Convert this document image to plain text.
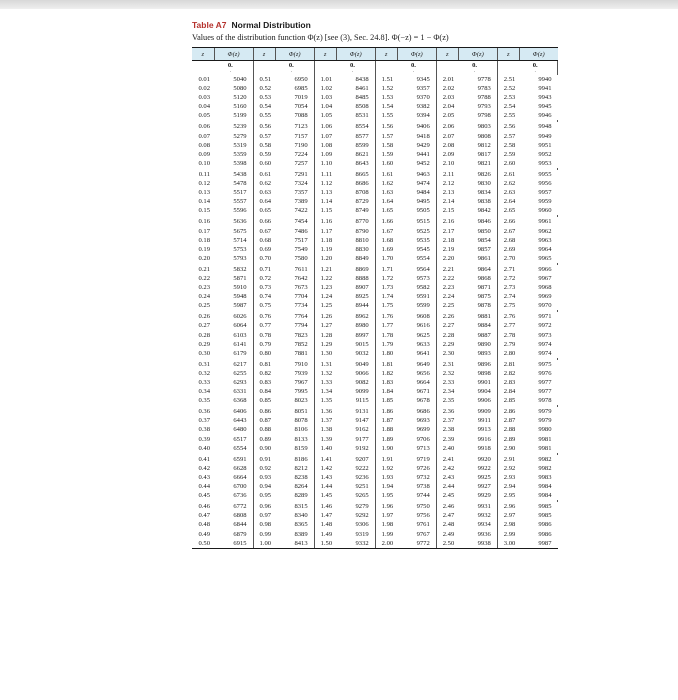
Table A7 Normal Distribution

Values of the distribution function Φ(z) [see (3), Sec. 24.8]. Φ(−z) = 1 − Φ(z)

z	Φ(z)	z	Φ(z)	z	Φ(z)	z	Φ(z)	z	Φ(z)	z	Φ(z)
	0.		0.		0.		0.		0.		0.
	·		·		·		·		·		·
0.01	5040	0.51	6950	1.01	8438	1.51	9345	2.01	9778	2.51	9940
0.02	5080	0.52	6985	1.02	8461	1.52	9357	2.02	9783	2.52	9941
0.03	5120	0.53	7019	1.03	8485	1.53	9370	2.03	9788	2.53	9943
0.04	5160	0.54	7054	1.04	8508	1.54	9382	2.04	9793	2.54	9945
0.05	5199	0.55	7088	1.05	8531	1.55	9394	2.05	9798	2.55	9946

0.06	5239	0.56	7123	1.06	8554	1.56	9406	2.06	9803	2.56	9948
0.07	5279	0.57	7157	1.07	8577	1.57	9418	2.07	9808	2.57	9949
0.08	5319	0.58	7190	1.08	8599	1.58	9429	2.08	9812	2.58	9951
0.09	5359	0.59	7224	1.09	8621	1.59	9441	2.09	9817	2.59	9952
0.10	5398	0.60	7257	1.10	8643	1.60	9452	2.10	9821	2.60	9953

0.11	5438	0.61	7291	1.11	8665	1.61	9463	2.11	9826	2.61	9955
0.12	5478	0.62	7324	1.12	8686	1.62	9474	2.12	9830	2.62	9956
0.13	5517	0.63	7357	1.13	8708	1.63	9484	2.13	9834	2.63	9957
0.14	5557	0.64	7389	1.14	8729	1.64	9495	2.14	9838	2.64	9959
0.15	5596	0.65	7422	1.15	8749	1.65	9505	2.15	9842	2.65	9960

0.16	5636	0.66	7454	1.16	8770	1.66	9515	2.16	9846	2.66	9961
0.17	5675	0.67	7486	1.17	8790	1.67	9525	2.17	9850	2.67	9962
0.18	5714	0.68	7517	1.18	8810	1.68	9535	2.18	9854	2.68	9963
0.19	5753	0.69	7549	1.19	8830	1.69	9545	2.19	9857	2.69	9964
0.20	5793	0.70	7580	1.20	8849	1.70	9554	2.20	9861	2.70	9965

0.21	5832	0.71	7611	1.21	8869	1.71	9564	2.21	9864	2.71	9966
0.22	5871	0.72	7642	1.22	8888	1.72	9573	2.22	9868	2.72	9967
0.23	5910	0.73	7673	1.23	8907	1.73	9582	2.23	9871	2.73	9968
0.24	5948	0.74	7704	1.24	8925	1.74	9591	2.24	9875	2.74	9969
0.25	5987	0.75	7734	1.25	8944	1.75	9599	2.25	9878	2.75	9970

0.26	6026	0.76	7764	1.26	8962	1.76	9608	2.26	9881	2.76	9971
0.27	6064	0.77	7794	1.27	8980	1.77	9616	2.27	9884	2.77	9972
0.28	6103	0.78	7823	1.28	8997	1.78	9625	2.28	9887	2.78	9973
0.29	6141	0.79	7852	1.29	9015	1.79	9633	2.29	9890	2.79	9974
0.30	6179	0.80	7881	1.30	9032	1.80	9641	2.30	9893	2.80	9974

0.31	6217	0.81	7910	1.31	9049	1.81	9649	2.31	9896	2.81	9975
0.32	6255	0.82	7939	1.32	9066	1.82	9656	2.32	9898	2.82	9976
0.33	6293	0.83	7967	1.33	9082	1.83	9664	2.33	9901	2.83	9977
0.34	6331	0.84	7995	1.34	9099	1.84	9671	2.34	9904	2.84	9977
0.35	6368	0.85	8023	1.35	9115	1.85	9678	2.35	9906	2.85	9978

0.36	6406	0.86	8051	1.36	9131	1.86	9686	2.36	9909	2.86	9979
0.37	6443	0.87	8078	1.37	9147	1.87	9693	2.37	9911	2.87	9979
0.38	6480	0.88	8106	1.38	9162	1.88	9699	2.38	9913	2.88	9980
0.39	6517	0.89	8133	1.39	9177	1.89	9706	2.39	9916	2.89	9981
0.40	6554	0.90	8159	1.40	9192	1.90	9713	2.40	9918	2.90	9981

0.41	6591	0.91	8186	1.41	9207	1.91	9719	2.41	9920	2.91	9982
0.42	6628	0.92	8212	1.42	9222	1.92	9726	2.42	9922	2.92	9982
0.43	6664	0.93	8238	1.43	9236	1.93	9732	2.43	9925	2.93	9983
0.44	6700	0.94	8264	1.44	9251	1.94	9738	2.44	9927	2.94	9984
0.45	6736	0.95	8289	1.45	9265	1.95	9744	2.45	9929	2.95	9984

0.46	6772	0.96	8315	1.46	9279	1.96	9750	2.46	9931	2.96	9985
0.47	6808	0.97	8340	1.47	9292	1.97	9756	2.47	9932	2.97	9985
0.48	6844	0.98	8365	1.48	9306	1.98	9761	2.48	9934	2.98	9986
0.49	6879	0.99	8389	1.49	9319	1.99	9767	2.49	9936	2.99	9986
0.50	6915	1.00	8413	1.50	9332	2.00	9772	2.50	9938	3.00	9987
